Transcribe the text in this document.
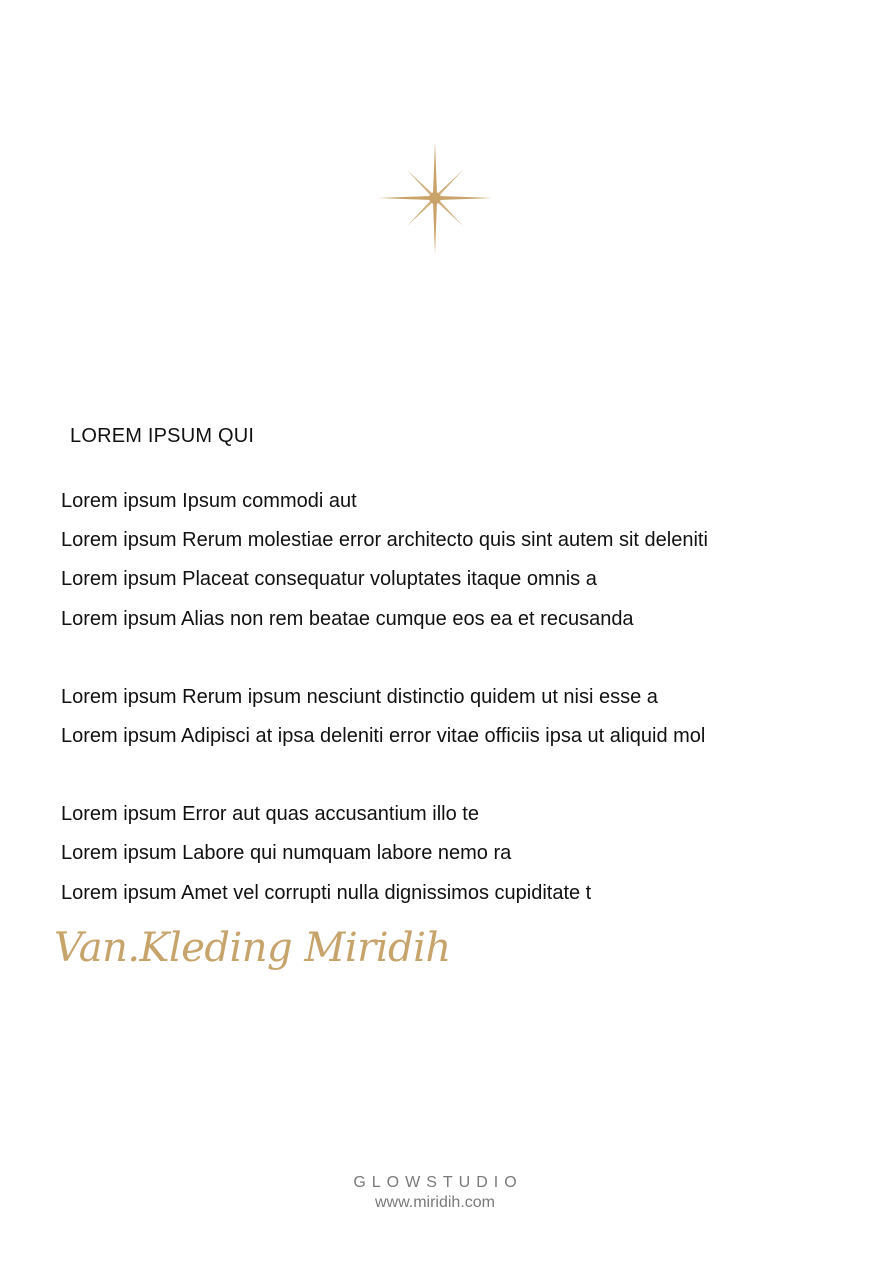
LOREM IPSUM QUI
Lorem ipsum Ipsum commodi aut
Lorem ipsum Rerum molestiae error architecto quis sint autem sit deleniti
Lorem ipsum Placeat consequatur voluptates itaque omnis a
Lorem ipsum Alias non rem beatae cumque eos ea et recusanda
Lorem ipsum Rerum ipsum nesciunt distinctio quidem ut nisi esse a
Lorem ipsum Adipisci at ipsa deleniti error vitae officiis ipsa ut aliquid mol
Lorem ipsum Error aut quas accusantium illo te
Lorem ipsum Labore qui numquam labore nemo ra
Lorem ipsum Amet vel corrupti nulla dignissimos cupiditate t
Van.Kleding Miridih
GLOWSTUDIO
www.miridih.com
